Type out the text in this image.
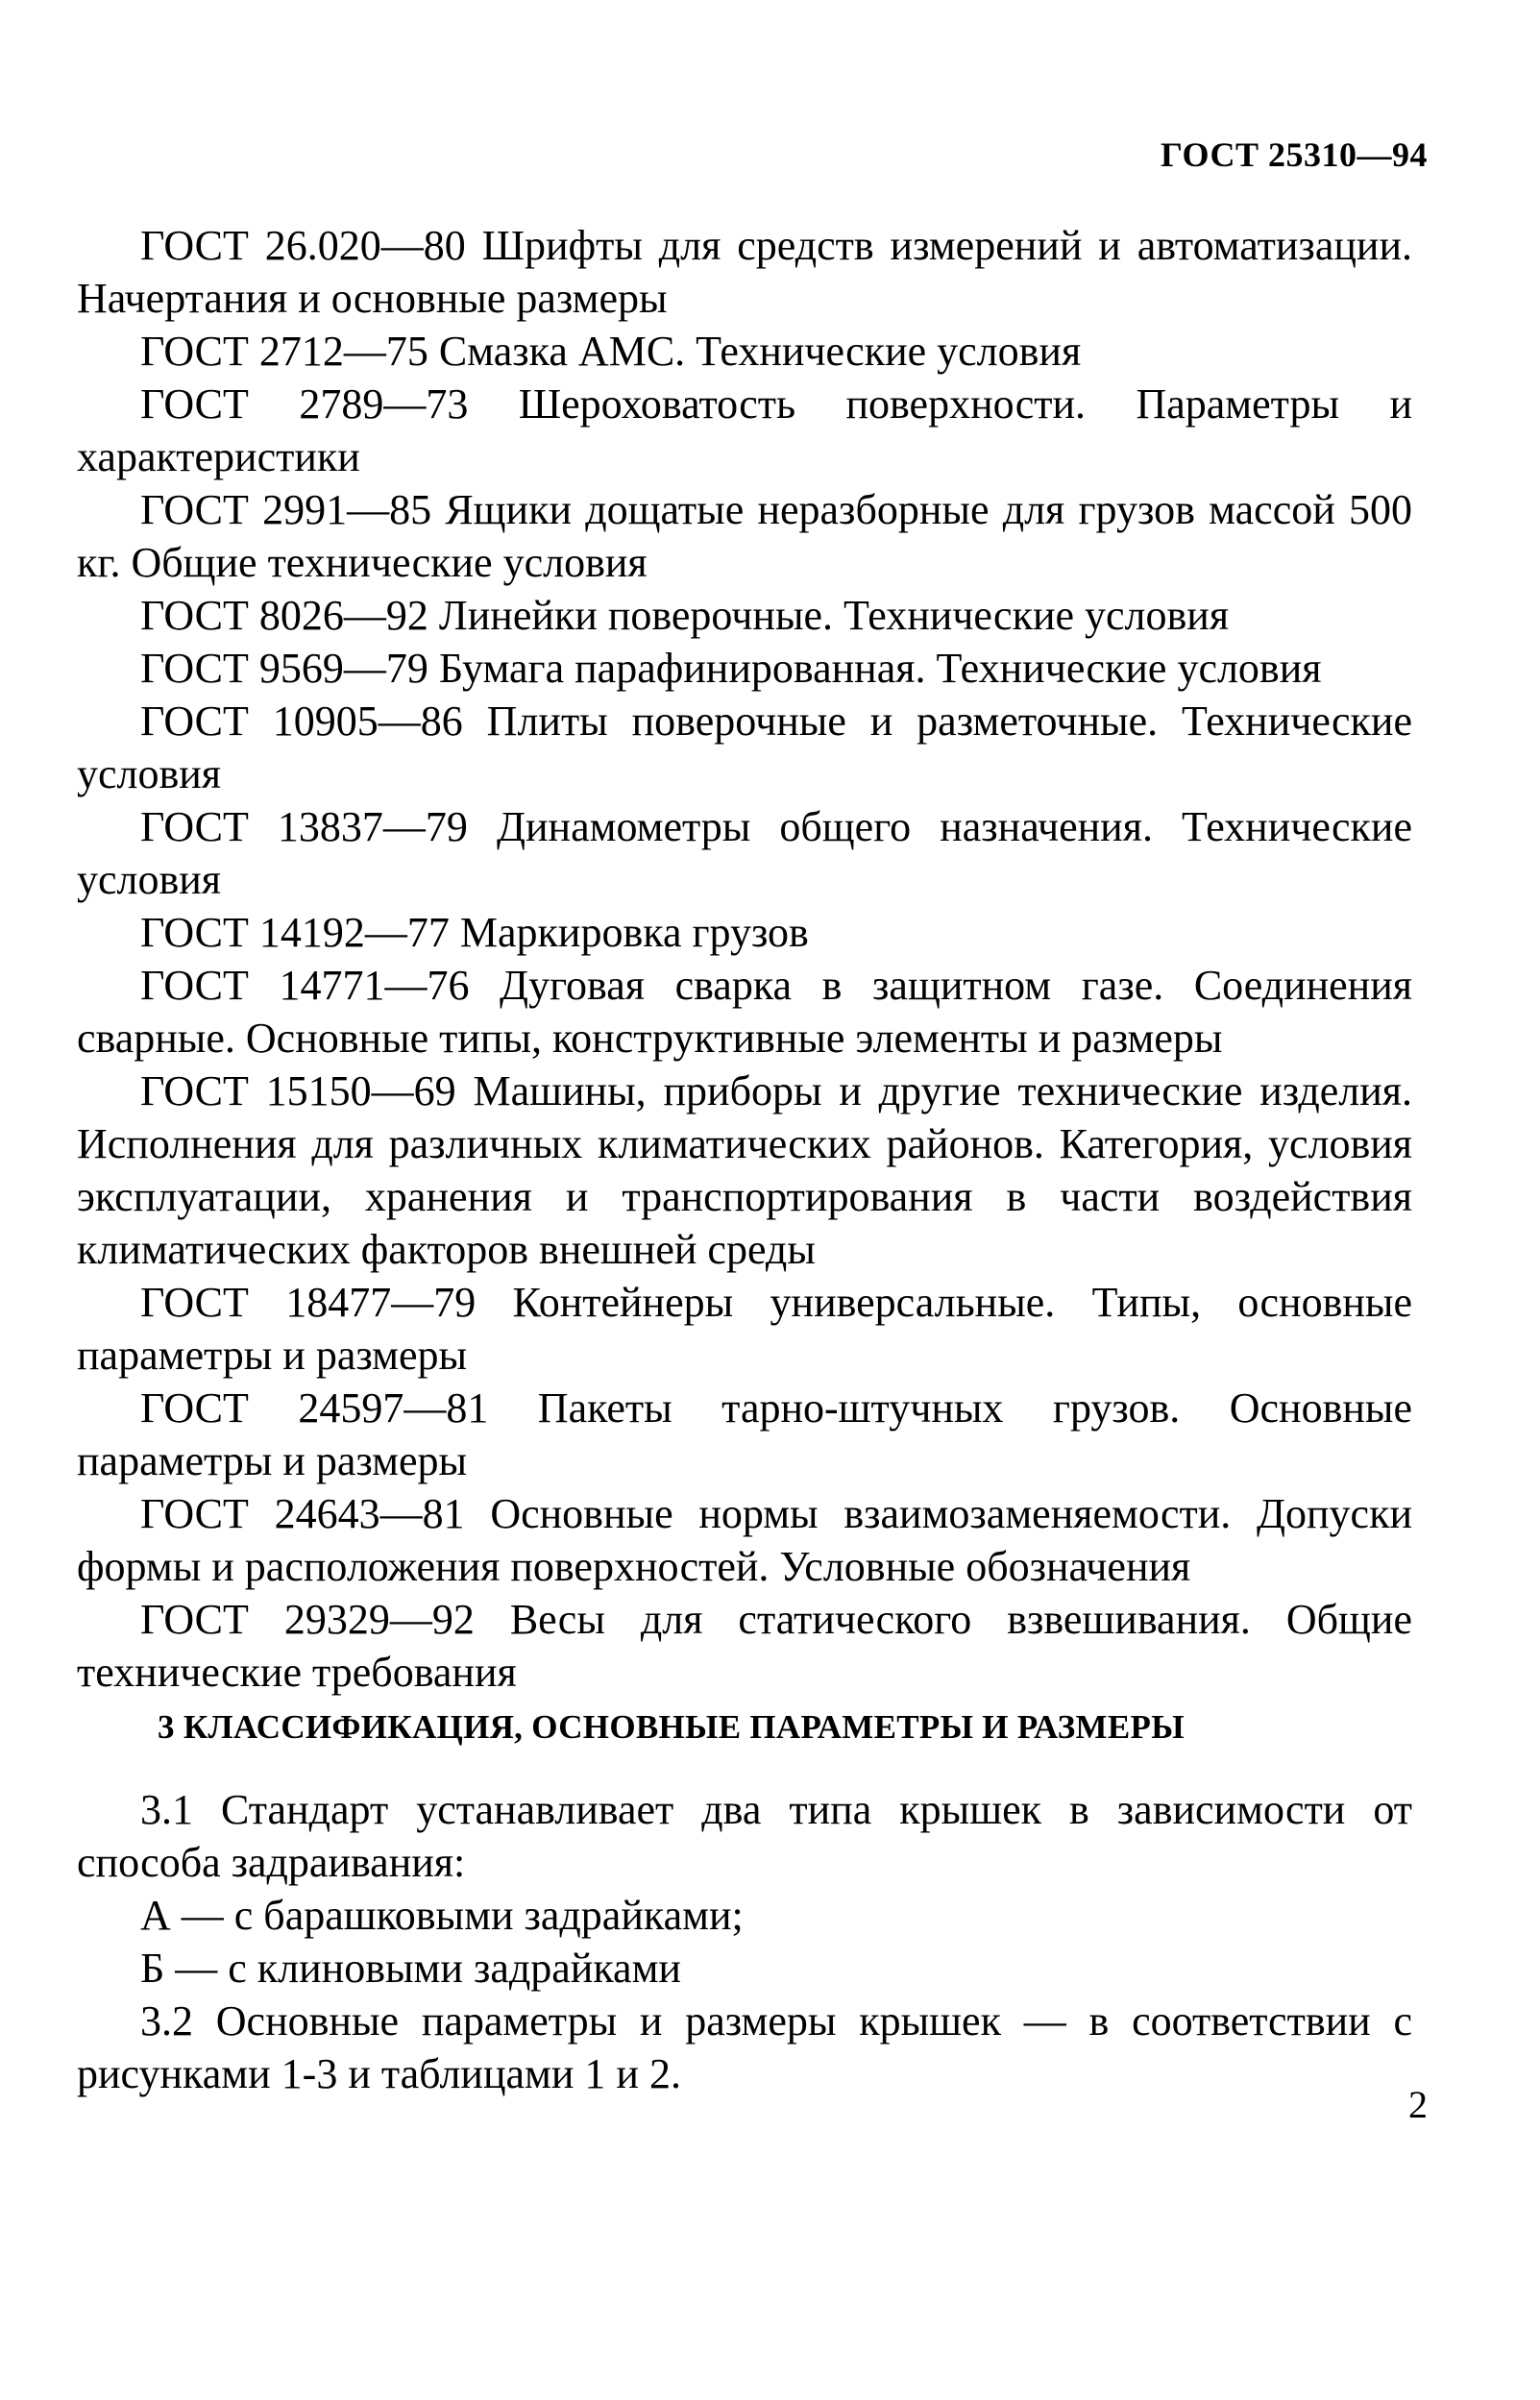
ГОСТ 25310—94

ГОСТ 26.020—80 Шрифты для средств измерений и автоматизации. Начертания и основные размеры

ГОСТ 2712—75 Смазка АМС. Технические условия

ГОСТ 2789—73 Шероховатость поверхности. Параметры и характеристики

ГОСТ 2991—85 Ящики дощатые неразборные для грузов массой 500 кг. Общие технические условия

ГОСТ 8026—92 Линейки поверочные. Технические условия

ГОСТ 9569—79 Бумага парафинированная. Технические условия

ГОСТ 10905—86 Плиты поверочные и разметочные. Технические условия

ГОСТ 13837—79 Динамометры общего назначения. Технические условия

ГОСТ 14192—77 Маркировка грузов

ГОСТ 14771—76 Дуговая сварка в защитном газе. Соединения сварные. Основные типы, конструктивные элементы и размеры

ГОСТ 15150—69 Машины, приборы и другие технические изделия. Исполнения для различных климатических районов. Категория, условия эксплуатации, хранения и транспортирования в части воздействия климатических факторов внешней среды

ГОСТ 18477—79 Контейнеры универсальные. Типы, основные параметры и размеры

ГОСТ 24597—81 Пакеты тарно-штучных грузов. Основные параметры и размеры

ГОСТ 24643—81 Основные нормы взаимозаменяемости. Допуски формы и расположения поверхностей. Условные обозначения

ГОСТ 29329—92 Весы для статического взвешивания. Общие технические требования

3 КЛАССИФИКАЦИЯ, ОСНОВНЫЕ ПАРАМЕТРЫ И РАЗМЕРЫ

3.1 Стандарт устанавливает два типа крышек в зависимости от способа задраивания:

А — с барашковыми задрайками;

Б — с клиновыми задрайками

3.2 Основные параметры и размеры крышек — в соответствии с рисунками 1-3 и таблицами 1 и 2.

2
